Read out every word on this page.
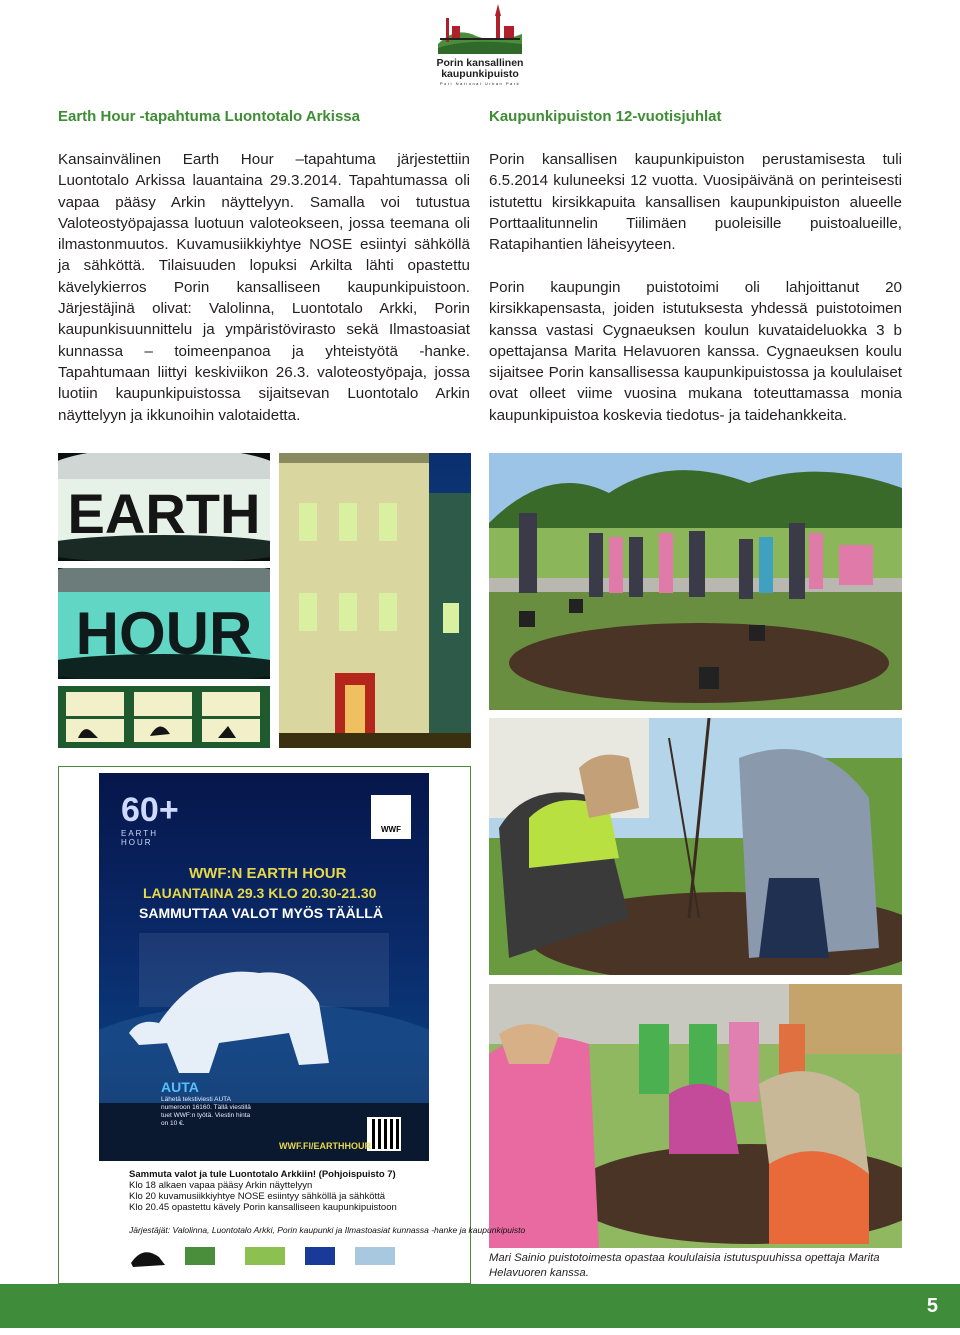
Porin kansallinen
kaupunkipuisto
Pori National Urban Park
Earth Hour -tapahtuma Luontotalo Arkissa

Kansainvälinen Earth Hour –tapahtuma järjestettiin Luontotalo Arkissa lauantaina 29.3.2014. Tapahtumassa oli vapaa pääsy Arkin näyttelyyn. Samalla voi tutustua Valoteostyöpajassa luotuun valoteokseen, jossa teemana oli ilmastonmuutos. Kuvamusiikkiyhtye NOSE esiintyi sähköllä ja sähköttä. Tilaisuuden lopuksi Arkilta lähti opastettu kävelykierros Porin kansalliseen kaupunkipuistoon. Järjestäjinä olivat: Valolinna, Luontotalo Arkki, Porin kaupunkisuunnittelu ja ympäristövirasto sekä Ilmastoasiat kunnassa – toimeenpanoa ja yhteistyötä -hanke. Tapahtumaan liittyi keskiviikon 26.3. valoteostyöpaja, jossa luotiin kaupunkipuistossa sijaitsevan Luontotalo Arkin näyttelyyn ja ikkunoihin valotaidetta.

Kaupunkipuiston 12-vuotisjuhlat

Porin kansallisen kaupunkipuiston perustamisesta tuli 6.5.2014 kuluneeksi 12 vuotta. Vuosipäivänä on perinteisesti istutettu kirsikkapuita kansallisen kaupunkipuiston alueelle Porttaalitunnelin Tiilimäen puoleisille puistoalueille, Ratapihantien läheisyyteen.

Porin kaupungin puistotoimi oli lahjoittanut 20 kirsikkapensasta, joiden istutuksesta yhdessä puistotoimen kanssa vastasi Cygnaeuksen koulun kuvataideluokka 3 b opettajansa Marita Helavuoren kanssa. Cygnaeuksen koulu sijaitsee Porin kansallisessa kaupunkipuistossa ja koululaiset ovat olleet viime vuosina mukana toteuttamassa monia kaupunkipuistoa koskevia tiedotus- ja taidehankkeita.

EARTH
HOUR
60+
EARTH HOUR
WWF
WWF:N EARTH HOUR
LAUANTAINA 29.3 KLO 20.30-21.30
SAMMUTTAA VALOT MYÖS TÄÄLLÄ
AUTA
Lähetä tekstiviesti AUTA numeroon 16160. Tällä viestillä tuet WWF:n työtä. Viestin hinta on 10 €.
WWF.FI/EARTHHOUR
Sammuta valot ja tule Luontotalo Arkkiin! (Pohjoispuisto 7)
Klo 18 alkaen vapaa pääsy Arkin näyttelyyn
Klo 20 kuvamusiikkiyhtye NOSE esiintyy sähköllä ja sähköttä
Klo 20.45 opastettu kävely Porin kansalliseen kaupunkipuistoon
Järjestäjät: Valolinna, Luontotalo Arkki, Porin kaupunki ja Ilmastoasiat kunnassa -hanke ja kaupunkipuisto
Mari Sainio puistotoimesta opastaa koululaisia istutuspuuhissa opettaja Marita Helavuoren kanssa.
5
